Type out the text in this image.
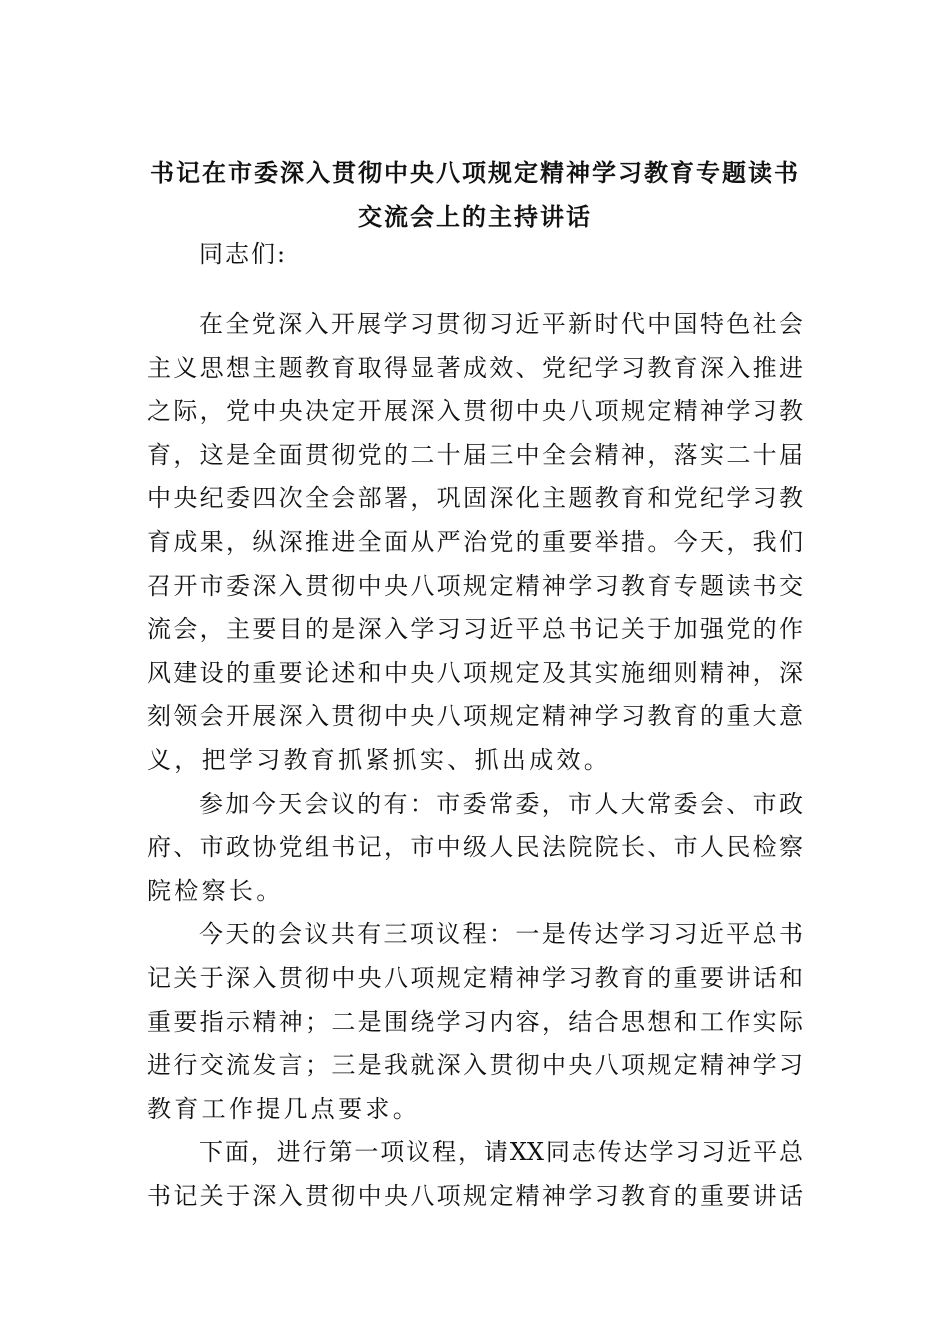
书记在市委深入贯彻中央八项规定精神学习教育专题读书
交流会上的主持讲话
同志们:
在全党深入开展学习贯彻习近平新时代中国特色社会
主义思想主题教育取得显著成效、党纪学习教育深入推进
之际，党中央决定开展深入贯彻中央八项规定精神学习教
育，这是全面贯彻党的二十届三中全会精神，落实二十届
中央纪委四次全会部署，巩固深化主题教育和党纪学习教
育成果，纵深推进全面从严治党的重要举措。今天，我们
召开市委深入贯彻中央八项规定精神学习教育专题读书交
流会，主要目的是深入学习习近平总书记关于加强党的作
风建设的重要论述和中央八项规定及其实施细则精神，深
刻领会开展深入贯彻中央八项规定精神学习教育的重大意
义，把学习教育抓紧抓实、抓出成效。
参加今天会议的有：市委常委，市人大常委会、市政
府、市政协党组书记，市中级人民法院院长、市人民检察
院检察长。
今天的会议共有三项议程：一是传达学习习近平总书
记关于深入贯彻中央八项规定精神学习教育的重要讲话和
重要指示精神；二是围绕学习内容，结合思想和工作实际
进行交流发言；三是我就深入贯彻中央八项规定精神学习
教育工作提几点要求。
下面，进行第一项议程，请XX同志传达学习习近平总
书记关于深入贯彻中央八项规定精神学习教育的重要讲话
